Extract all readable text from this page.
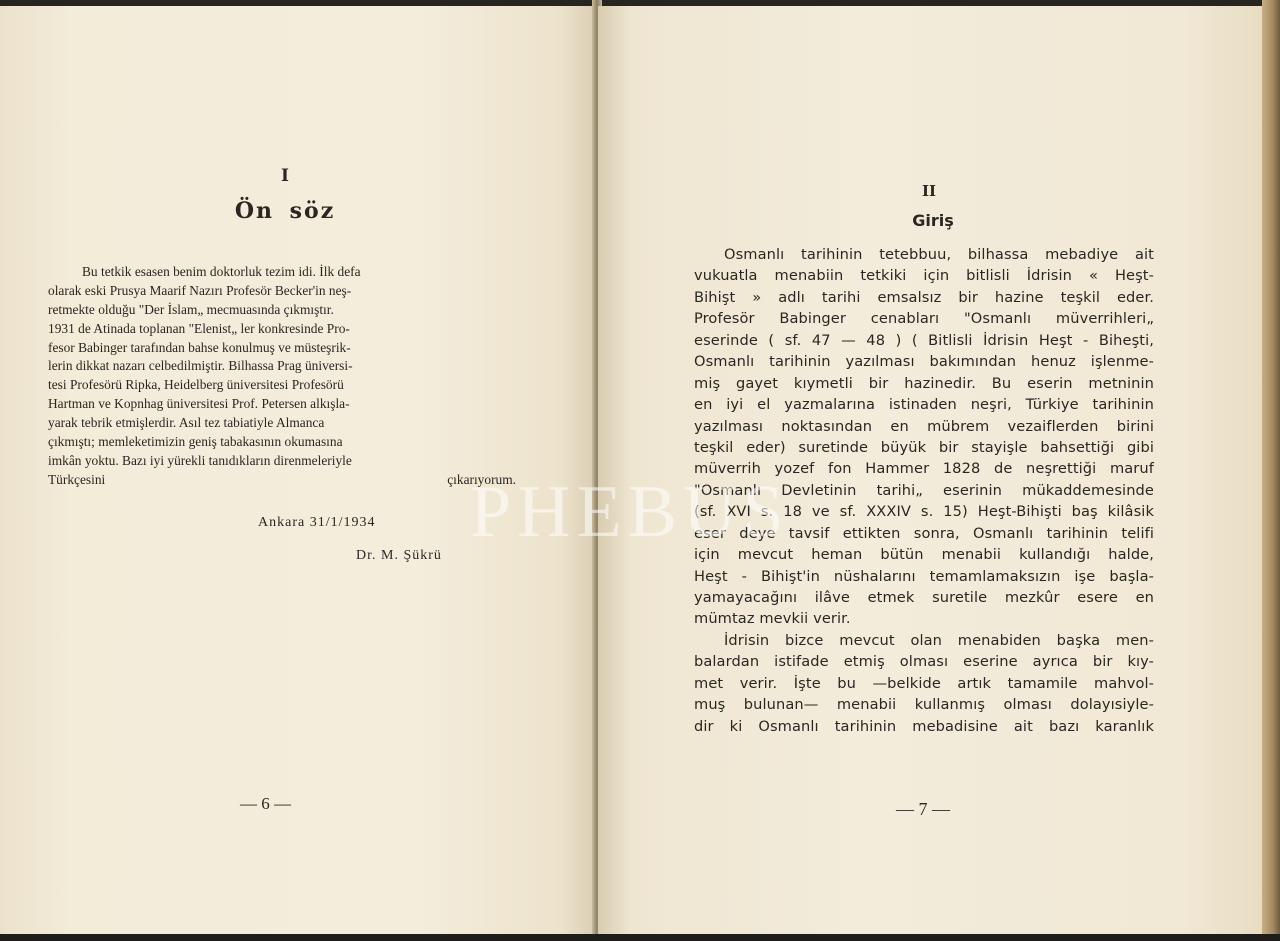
I
Ön söz
Bu tetkik esasen benim doktorluk tezim idi. İlk defa
olarak eski Prusya Maarif Nazırı Profesör Becker'in neş-
retmekte olduğu "Der İslam„ mecmuasında çıkmıştır.
1931 de Atinada toplanan "Elenist„ ler konkresinde Pro-
fesor Babinger tarafından bahse konulmuş ve müsteşrik-
lerin dikkat nazarı celbedilmiştir. Bilhassa Prag üniversi-
tesi Profesörü Ripka, Heidelberg üniversitesi Profesörü
Hartman ve Kopnhag üniversitesi Prof. Petersen alkışla-
yarak tebrik etmişlerdir. Asıl tez tabiatiyle Almanca
çıkmıştı; memleketimizin geniş tabakasının okumasına
imkân yoktu. Bazı iyi yürekli tanıdıkların direnmeleriyle
Türkçesini çıkarıyorum.
Ankara 31/1/1934
Dr. M. Şükrü
— 6 —
II
Giriş
Osmanlı tarihinin tetebbuu, bilhassa mebadiye ait
vukuatla menabiin tetkiki için bitlisli İdrisin « Heşt-
Bihişt » adlı tarihi emsalsız bir hazine teşkil eder.
Profesör Babinger cenabları "Osmanlı müverrihleri„
eserinde ( sf. 47 — 48 ) ( Bitlisli İdrisin Heşt - Biheşti,
Osmanlı tarihinin yazılması bakımından henuz işlenme-
miş gayet kıymetli bir hazinedir. Bu eserin metninin
en iyi el yazmalarına istinaden neşri, Türkiye tarihinin
yazılması noktasından en mübrem vezaiflerden birini
teşkil eder) suretinde büyük bir stayişle bahsettiği gibi
müverrih yozef fon Hammer 1828 de neşrettiği maruf
"Osmanlı Devletinin tarihi„ eserinin mükaddemesinde
(sf. XVI s. 18 ve sf. XXXIV s. 15) Heşt-Bihişti baş kilâsik
eser deye tavsif ettikten sonra, Osmanlı tarihinin telifi
için mevcut heman bütün menabii kullandığı halde,
Heşt - Bihişt'in nüshalarını temamlamaksızın işe başla-
yamayacağını ilâve etmek suretile mezkûr esere en
mümtaz mevkii verir.
İdrisin bizce mevcut olan menabiden başka men-
balardan istifade etmiş olması eserine ayrıca bir kıy-
met verir. İşte bu —belkide artık tamamile mahvol-
muş bulunan— menabii kullanmış olması dolayısiyle-
dir ki Osmanlı tarihinin mebadisine ait bazı karanlık
— 7 —
PHEBUS
